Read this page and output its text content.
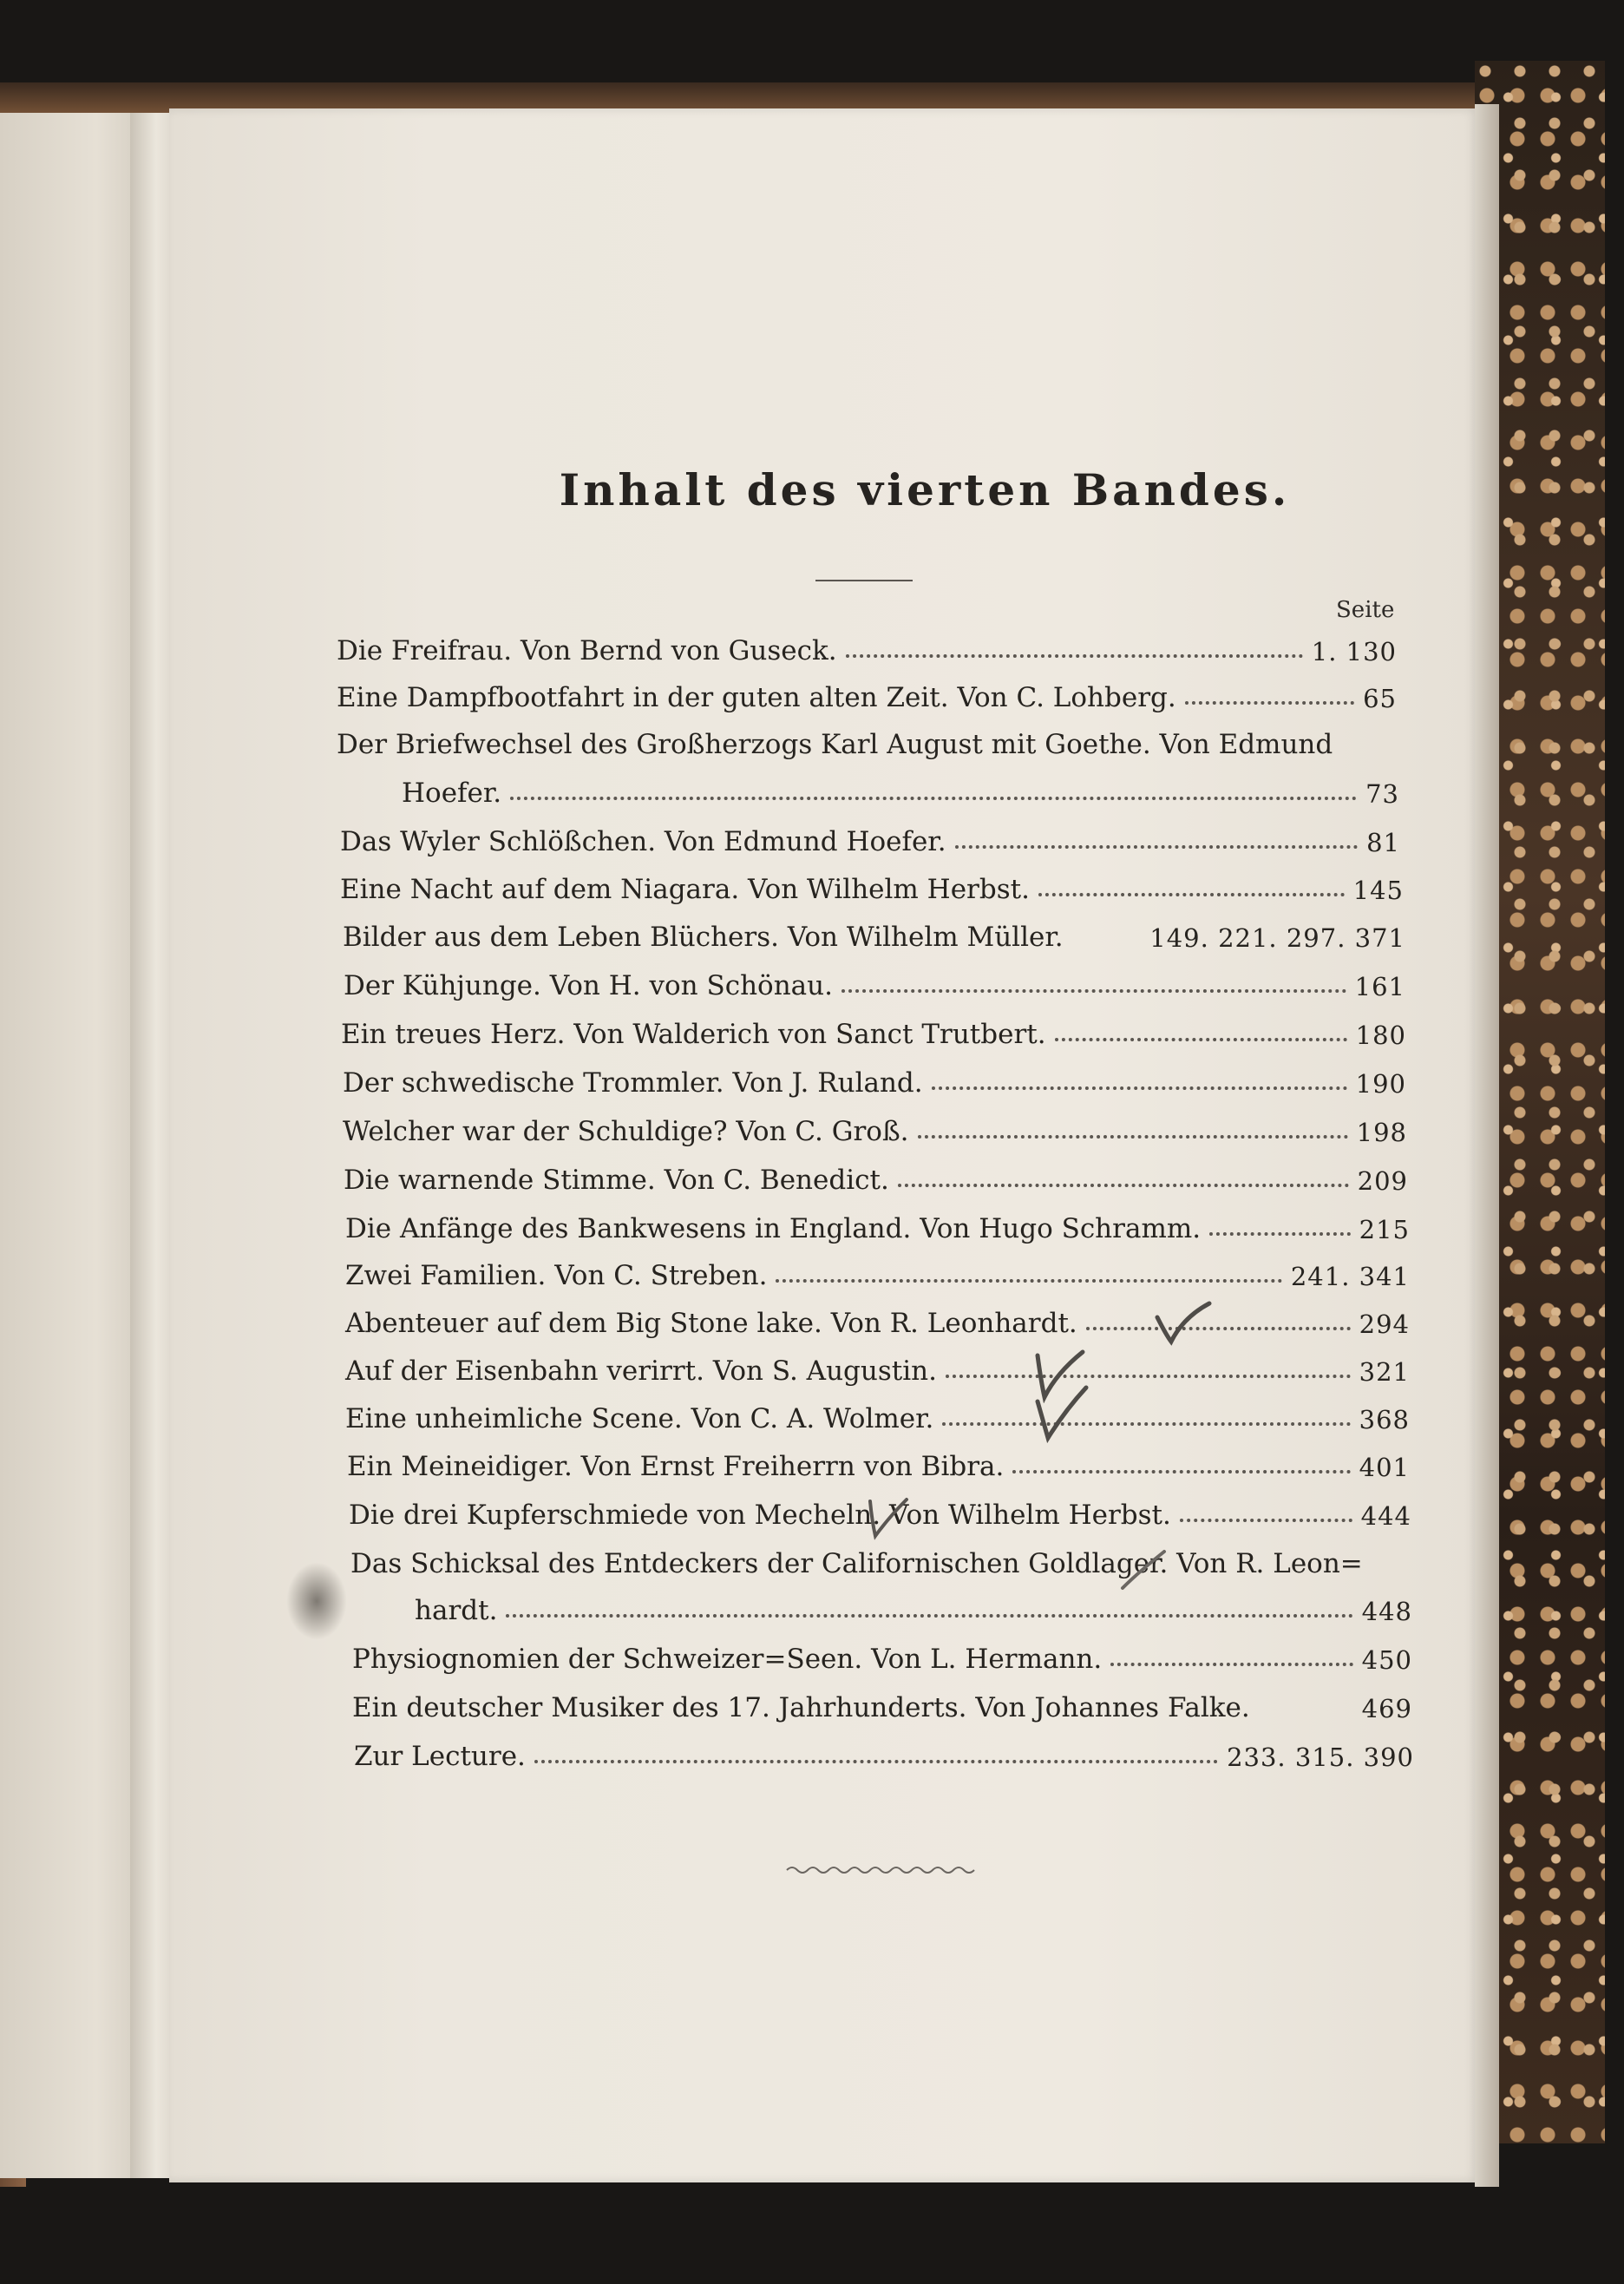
Inhalt des vierten Bandes.
Seite
Die Freifrau. Von Bernd von Guseck.	1. 130
Eine Dampfbootfahrt in der guten alten Zeit. Von C. Lohberg.	65
Der Briefwechsel des Großherzogs Karl August mit Goethe. Von Edmund
Hoefer.	73
Das Wyler Schlößchen. Von Edmund Hoefer.	81
Eine Nacht auf dem Niagara. Von Wilhelm Herbst.	145
Bilder aus dem Leben Blüchers. Von Wilhelm Müller.	149. 221. 297. 371
Der Kühjunge. Von H. von Schönau.	161
Ein treues Herz. Von Walderich von Sanct Trutbert.	180
Der schwedische Trommler. Von J. Ruland.	190
Welcher war der Schuldige? Von C. Groß.	198
Die warnende Stimme. Von C. Benedict.	209
Die Anfänge des Bankwesens in England. Von Hugo Schramm.	215
Zwei Familien. Von C. Streben.	241. 341
Abenteuer auf dem Big Stone lake. Von R. Leonhardt.	294
Auf der Eisenbahn verirrt. Von S. Augustin.	321
Eine unheimliche Scene. Von C. A. Wolmer.	368
Ein Meineidiger. Von Ernst Freiherrn von Bibra.	401
Die drei Kupferschmiede von Mecheln. Von Wilhelm Herbst.	444
Das Schicksal des Entdeckers der Californischen Goldlager. Von R. Leon=
hardt.	448
Physiognomien der Schweizer=Seen. Von L. Hermann.	450
Ein deutscher Musiker des 17. Jahrhunderts. Von Johannes Falke.	469
Zur Lecture.	233. 315. 390
